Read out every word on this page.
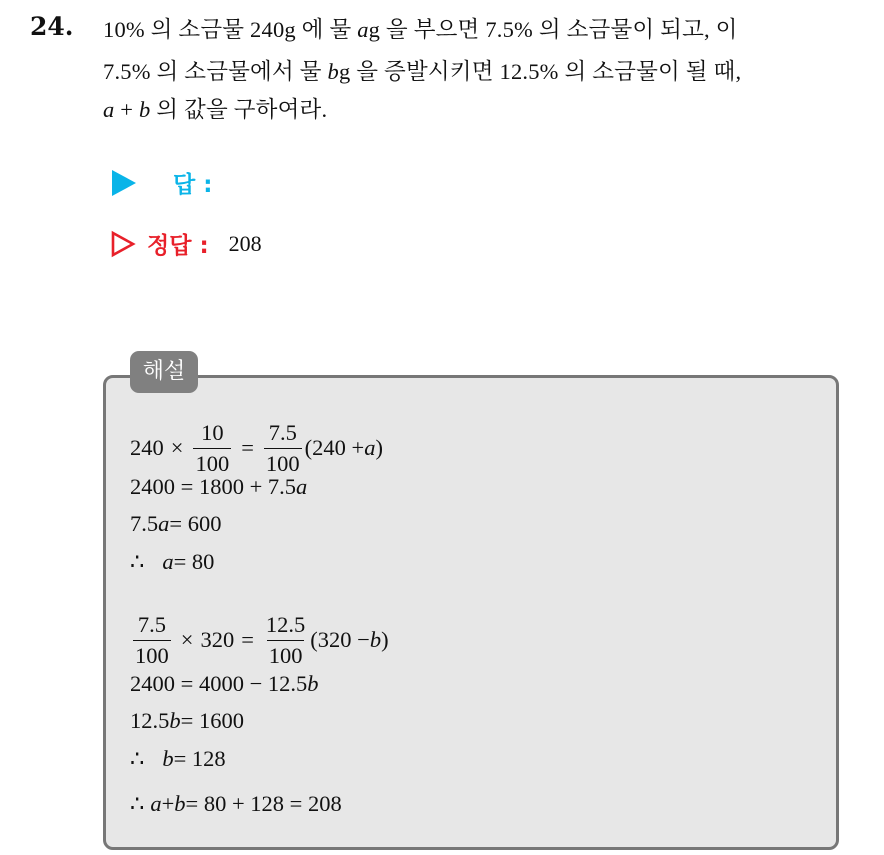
24. 10% 의 소금물 240g 에 물 ag 을 부으면 7.5% 의 소금물이 되고, 이
7.5% 의 소금물에서 물 bg 을 증발시키면 12.5% 의 소금물이 될 때,
a + b 의 값을 구하여라.
답 :
정답 : 208
해설
$240 \times \frac{10}{100} = \frac{7.5}{100} (240 + a$ )
2400 = 1800 + 7.5 a
7.5 a = 600
∴ a = 80
$\frac{7.5}{100} \times 320 = \frac{12.5}{100} (320 - b$ )
2400 = 4000 − 12.5 b
12.5 b = 1600
∴ b = 128
∴ a + b = 80 + 128 = 208
